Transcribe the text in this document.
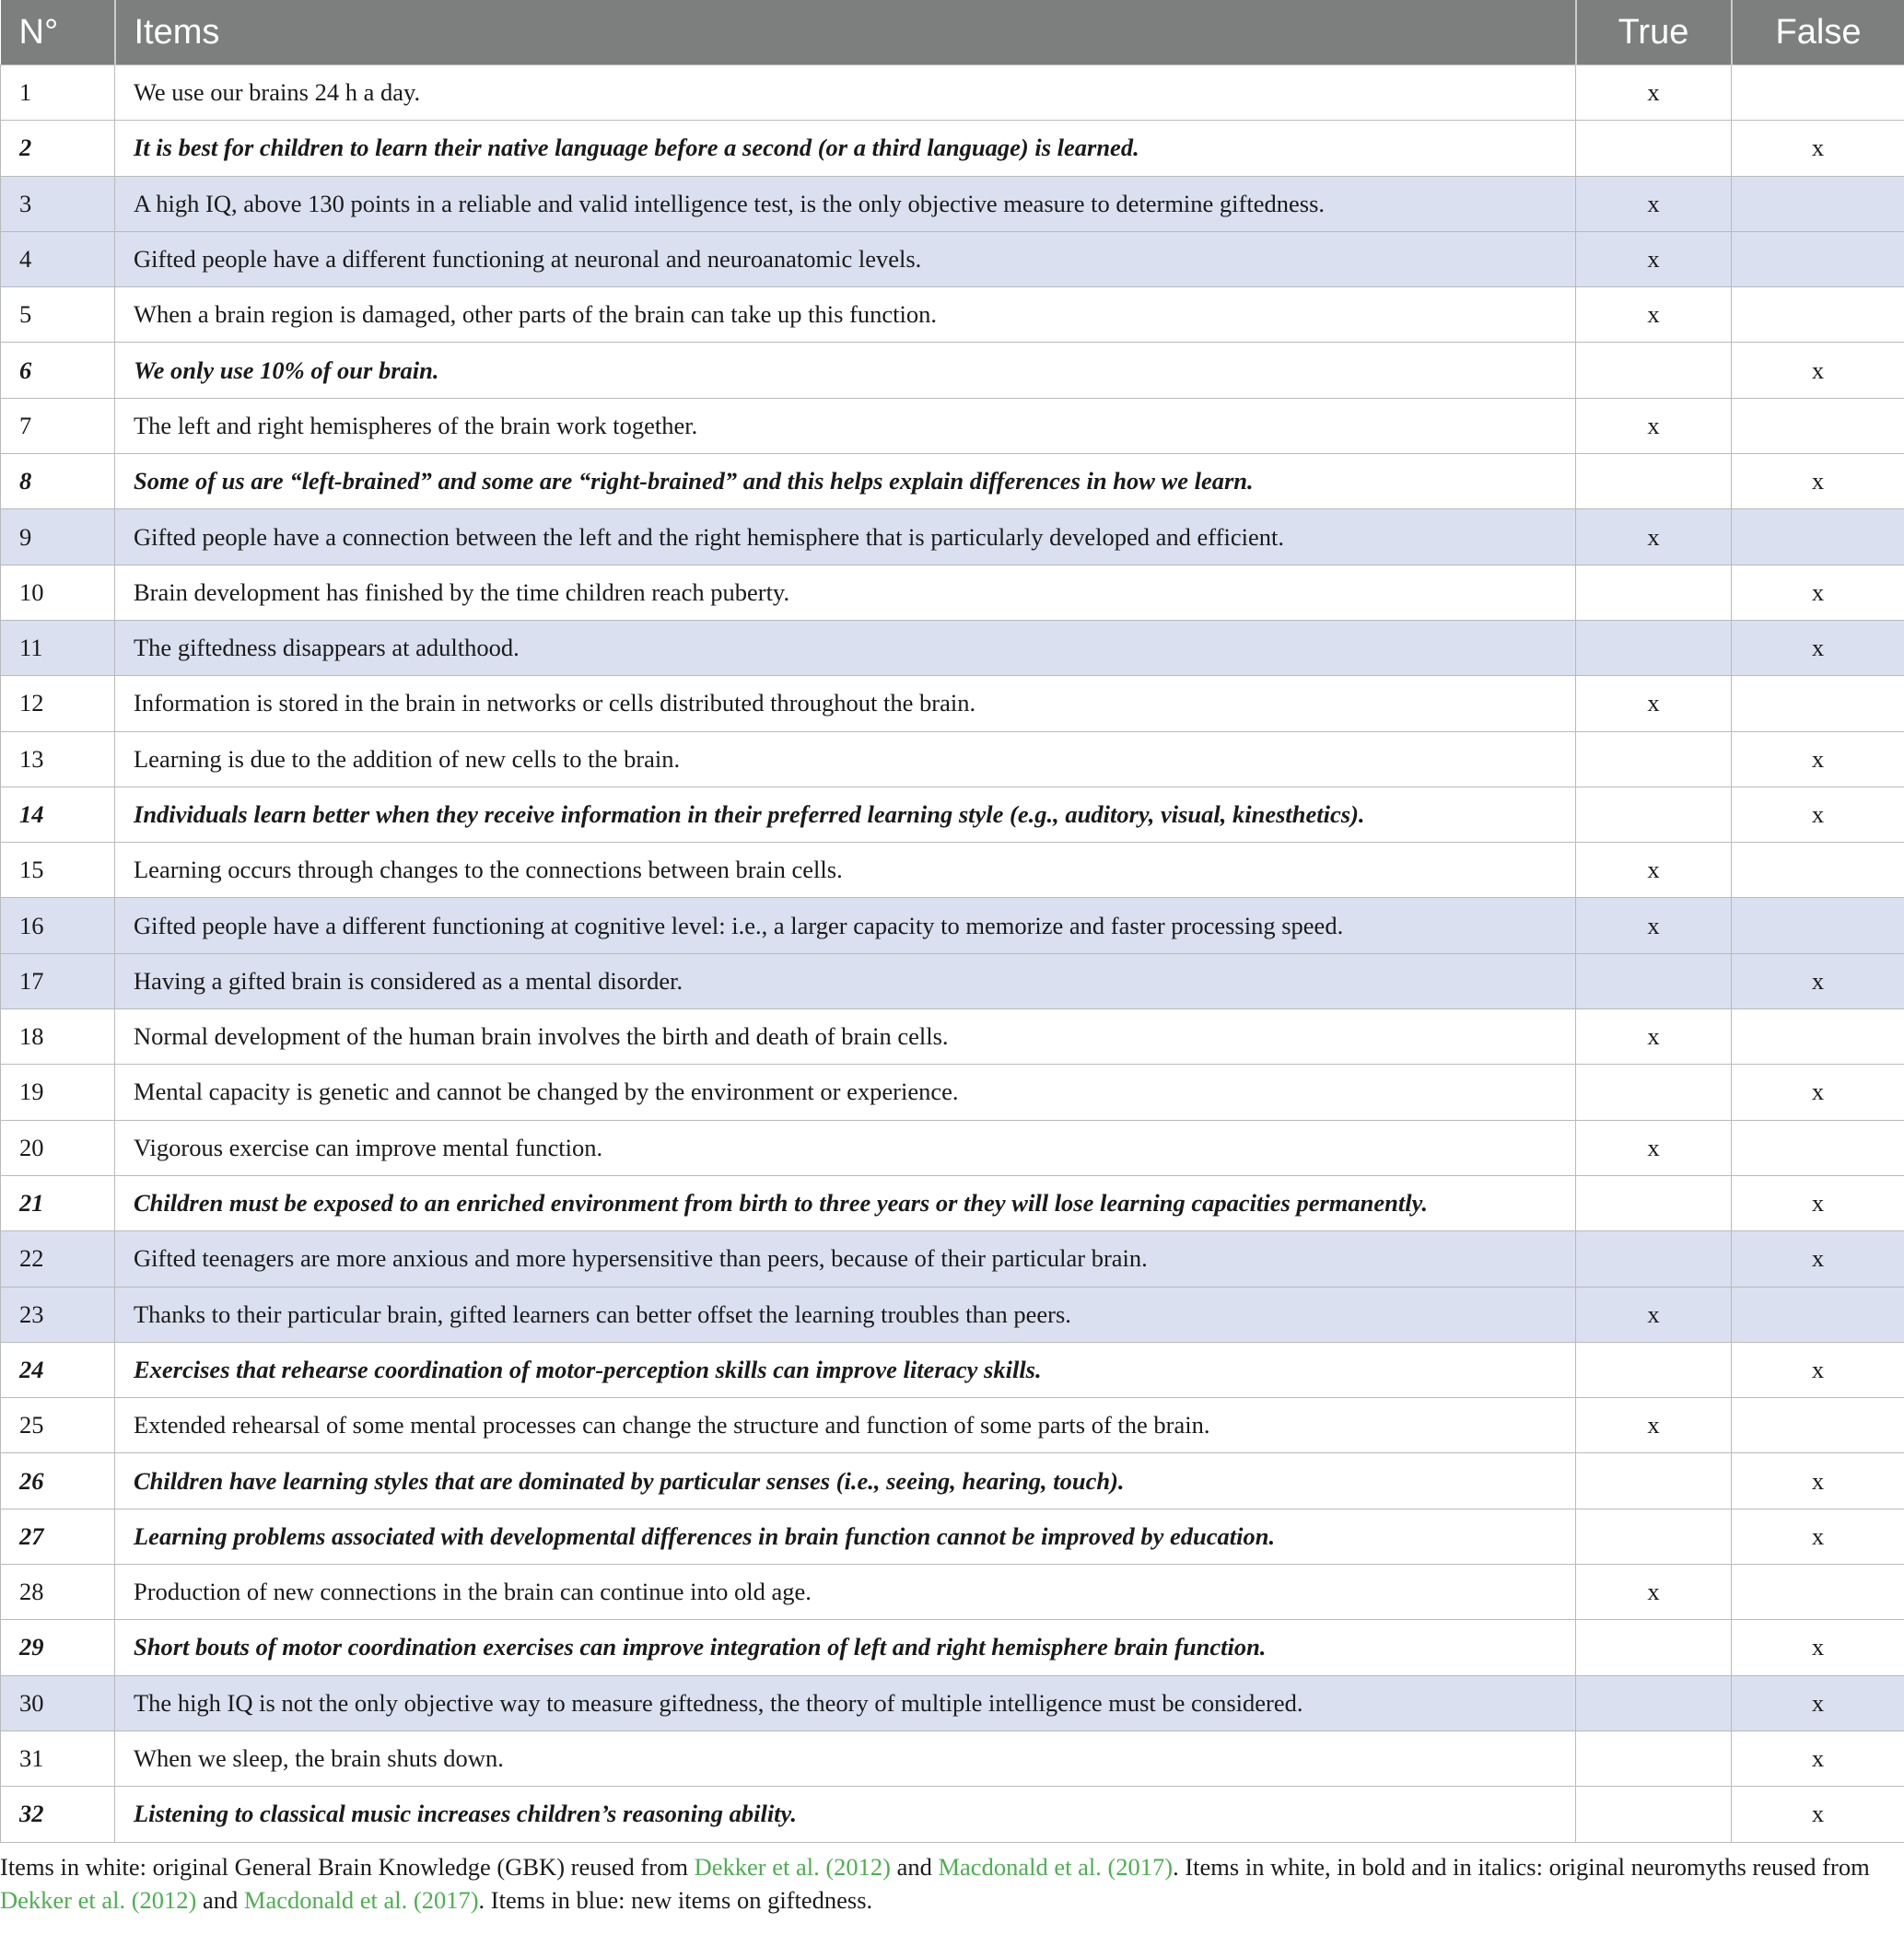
N°	Items	True	False
1	We use our brains 24 h a day.	x	
2	It is best for children to learn their native language before a second (or a third language) is learned.		x
3	A high IQ, above 130 points in a reliable and valid intelligence test, is the only objective measure to determine giftedness.	x	
4	Gifted people have a different functioning at neuronal and neuroanatomic levels.	x	
5	When a brain region is damaged, other parts of the brain can take up this function.	x	
6	We only use 10% of our brain.		x
7	The left and right hemispheres of the brain work together.	x	
8	Some of us are “left-brained” and some are “right-brained” and this helps explain differences in how we learn.		x
9	Gifted people have a connection between the left and the right hemisphere that is particularly developed and efficient.	x	
10	Brain development has finished by the time children reach puberty.		x
11	The giftedness disappears at adulthood.		x
12	Information is stored in the brain in networks or cells distributed throughout the brain.	x	
13	Learning is due to the addition of new cells to the brain.		x
14	Individuals learn better when they receive information in their preferred learning style (e.g., auditory, visual, kinesthetics).		x
15	Learning occurs through changes to the connections between brain cells.	x	
16	Gifted people have a different functioning at cognitive level: i.e., a larger capacity to memorize and faster processing speed.	x	
17	Having a gifted brain is considered as a mental disorder.		x
18	Normal development of the human brain involves the birth and death of brain cells.	x	
19	Mental capacity is genetic and cannot be changed by the environment or experience.		x
20	Vigorous exercise can improve mental function.	x	
21	Children must be exposed to an enriched environment from birth to three years or they will lose learning capacities permanently.		x
22	Gifted teenagers are more anxious and more hypersensitive than peers, because of their particular brain.		x
23	Thanks to their particular brain, gifted learners can better offset the learning troubles than peers.	x	
24	Exercises that rehearse coordination of motor-perception skills can improve literacy skills.		x
25	Extended rehearsal of some mental processes can change the structure and function of some parts of the brain.	x	
26	Children have learning styles that are dominated by particular senses (i.e., seeing, hearing, touch).		x
27	Learning problems associated with developmental differences in brain function cannot be improved by education.		x
28	Production of new connections in the brain can continue into old age.	x	
29	Short bouts of motor coordination exercises can improve integration of left and right hemisphere brain function.		x
30	The high IQ is not the only objective way to measure giftedness, the theory of multiple intelligence must be considered.		x
31	When we sleep, the brain shuts down.		x
32	Listening to classical music increases children’s reasoning ability.		x
Items in white: original General Brain Knowledge (GBK) reused from Dekker et al. (2012) and Macdonald et al. (2017). Items in white, in bold and in italics: original neuromyths reused from Dekker et al. (2012) and Macdonald et al. (2017). Items in blue: new items on giftedness.
